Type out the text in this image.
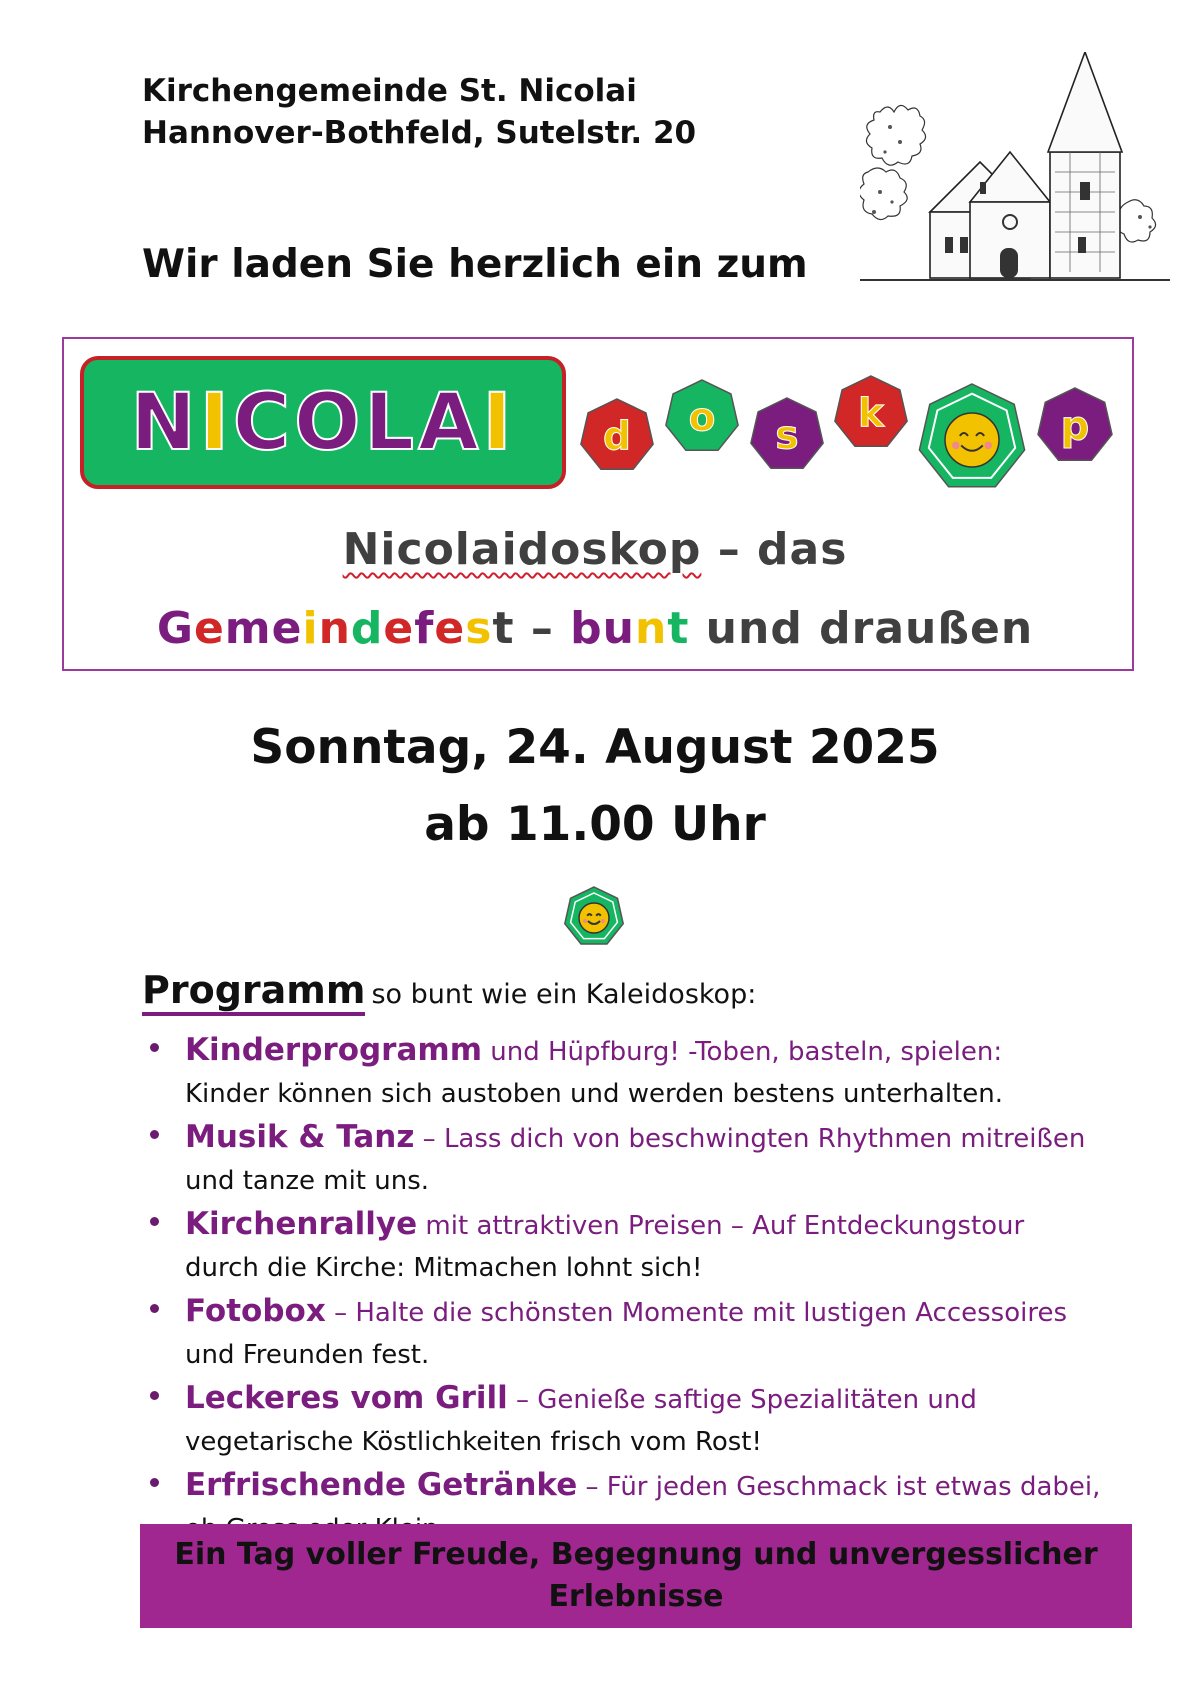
Kirchengemeinde St. Nicolai
Hannover-Bothfeld, Sutelstr. 20
Wir laden Sie herzlich ein zum
NICOLAI d o s k	p
Nicolaidoskop – das
Gemeindefest – bunt und draußen
Sonntag, 24. August 2025
ab 11.00 Uhr
Programm so bunt wie ein Kaleidoskop:
Kinderprogramm und Hüpfburg! -Toben, basteln, spielen:
Kinder können sich austoben und werden bestens unterhalten.
Musik & Tanz – Lass dich von beschwingten Rhythmen mitreißen
und tanze mit uns.
Kirchenrallye mit attraktiven Preisen – Auf Entdeckungstour
durch die Kirche: Mitmachen lohnt sich!
Fotobox – Halte die schönsten Momente mit lustigen Accessoires
und Freunden fest.
Leckeres vom Grill – Genieße saftige Spezialitäten und
vegetarische Köstlichkeiten frisch vom Rost!
Erfrischende Getränke – Für jeden Geschmack ist etwas dabei,
Ein Tag voller Freude, Begegnung und unvergesslicher
Erlebnisse
